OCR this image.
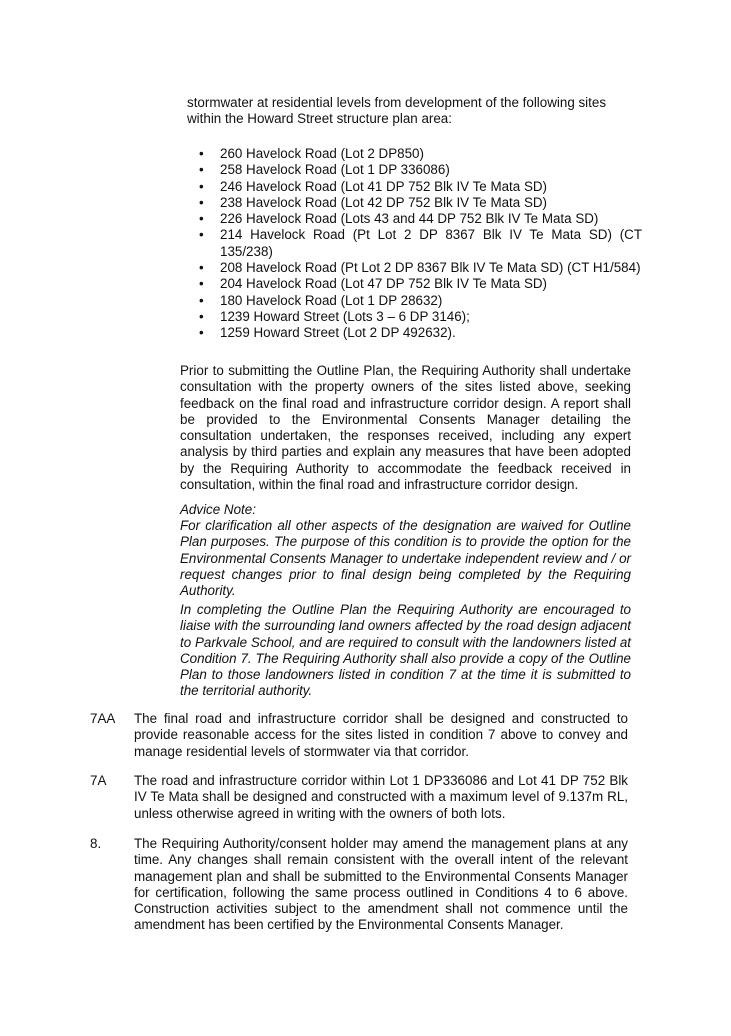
stormwater at residential levels from development of the following sites
within the Howard Street structure plan area:
• 260 Havelock Road (Lot 2 DP850)
• 258 Havelock Road (Lot 1 DP 336086)
• 246 Havelock Road (Lot 41 DP 752 Blk IV Te Mata SD)
• 238 Havelock Road (Lot 42 DP 752 Blk IV Te Mata SD)
• 226 Havelock Road (Lots 43 and 44 DP 752 Blk IV Te Mata SD)
• 214 Havelock Road (Pt Lot 2 DP 8367 Blk IV Te Mata SD) (CT 135/238)
• 208 Havelock Road (Pt Lot 2 DP 8367 Blk IV Te Mata SD) (CT H1/584)
• 204 Havelock Road (Lot 47 DP 752 Blk IV Te Mata SD)
• 180 Havelock Road (Lot 1 DP 28632)
• 1239 Howard Street (Lots 3 – 6 DP 3146);
• 1259 Howard Street (Lot 2 DP 492632).
Prior to submitting the Outline Plan, the Requiring Authority shall undertake consultation with the property owners of the sites listed above, seeking feedback on the final road and infrastructure corridor design. A report shall be provided to the Environmental Consents Manager detailing the consultation undertaken, the responses received, including any expert analysis by third parties and explain any measures that have been adopted by the Requiring Authority to accommodate the feedback received in consultation, within the final road and infrastructure corridor design.
Advice Note:
For clarification all other aspects of the designation are waived for Outline Plan purposes. The purpose of this condition is to provide the option for the Environmental Consents Manager to undertake independent review and / or request changes prior to final design being completed by the Requiring Authority.
In completing the Outline Plan the Requiring Authority are encouraged to liaise with the surrounding land owners affected by the road design adjacent to Parkvale School, and are required to consult with the landowners listed at Condition 7. The Requiring Authority shall also provide a copy of the Outline Plan to those landowners listed in condition 7 at the time it is submitted to the territorial authority.
7AA The final road and infrastructure corridor shall be designed and constructed to provide reasonable access for the sites listed in condition 7 above to convey and manage residential levels of stormwater via that corridor.
7A The road and infrastructure corridor within Lot 1 DP336086 and Lot 41 DP 752 Blk IV Te Mata shall be designed and constructed with a maximum level of 9.137m RL, unless otherwise agreed in writing with the owners of both lots.
8. The Requiring Authority/consent holder may amend the management plans at any time. Any changes shall remain consistent with the overall intent of the relevant management plan and shall be submitted to the Environmental Consents Manager for certification, following the same process outlined in Conditions 4 to 6 above. Construction activities subject to the amendment shall not commence until the amendment has been certified by the Environmental Consents Manager.
